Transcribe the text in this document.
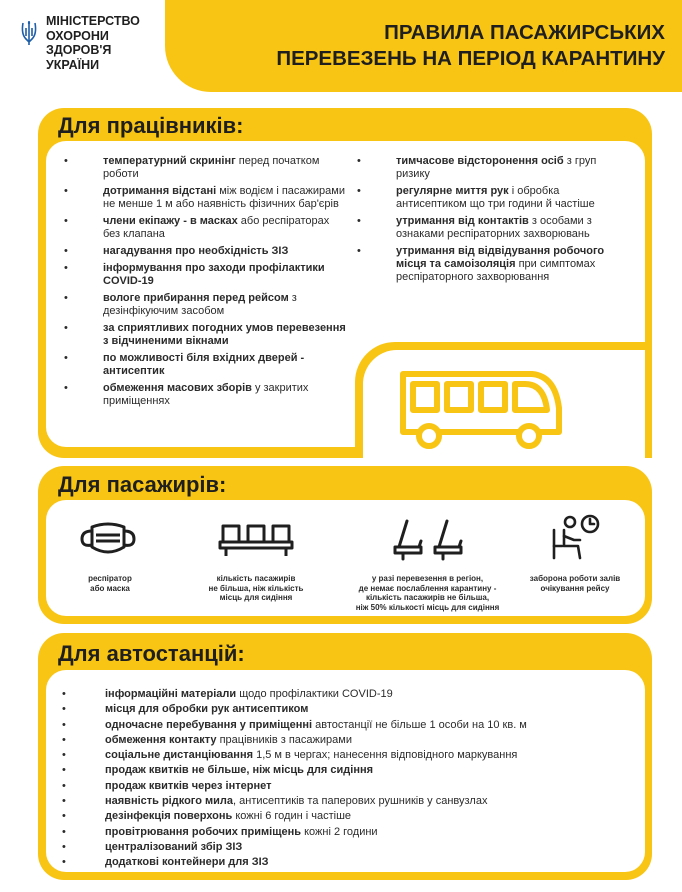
МІНІСТЕРСТВО
ОХОРОНИ
ЗДОРОВ'Я
УКРАЇНИ
ПРАВИЛА ПАСАЖИРСЬКИХ
ПЕРЕВЕЗЕНЬ НА ПЕРІОД КАРАНТИНУ
Для працівників:
• температурний скринінг перед початком роботи
• дотримання відстані між водієм і пасажирами не менше 1 м або наявність фізичних бар'єрів
• члени екіпажу - в масках або респіраторах без клапана
• нагадування про необхідність ЗІЗ
• інформування про заходи профілактики COVID-19
• вологе прибирання перед рейсом з дезінфікуючим засобом
• за сприятливих погодних умов перевезення з відчиненими вікнами
• по можливості біля вхідних дверей - антисептик
• обмеження масових зборів у закритих приміщеннях
• тимчасове відсторонення осіб з груп ризику
• регулярне миття рук і обробка антисептиком що три години й частіше
• утримання від контактів з особами з ознаками респіраторних захворювань
• утримання від відвідування робочого місця та самоізоляція при симптомах респіраторного захворювання
Для пасажирів:
респіратор
або маска
кількість пасажирів
не більша, ніж кількість
місць для сидіння
у разі перевезення в регіон,
де немає послаблення карантину -
кількість пасажирів не більша,
ніж 50% кількості місць для сидіння
заборона роботи залів
очікування рейсу
Для автостанцій:
• інформаційні матеріали щодо профілактики COVID-19
• місця для обробки рук антисептиком
• одночасне перебування у приміщенні автостанції не більше 1 особи на 10 кв. м
• обмеження контакту працівників з пасажирами
• соціальне дистанціювання 1,5 м в чергах; нанесення відповідного маркування
• продаж квитків не більше, ніж місць для сидіння
• продаж квитків через інтернет
• наявність рідкого мила, антисептиків та паперових рушників у санвузлах
• дезінфекція поверхонь кожні 6 годин і частіше
• провітрювання робочих приміщень кожні 2 години
• централізований збір ЗІЗ
• додаткові контейнери для ЗІЗ
